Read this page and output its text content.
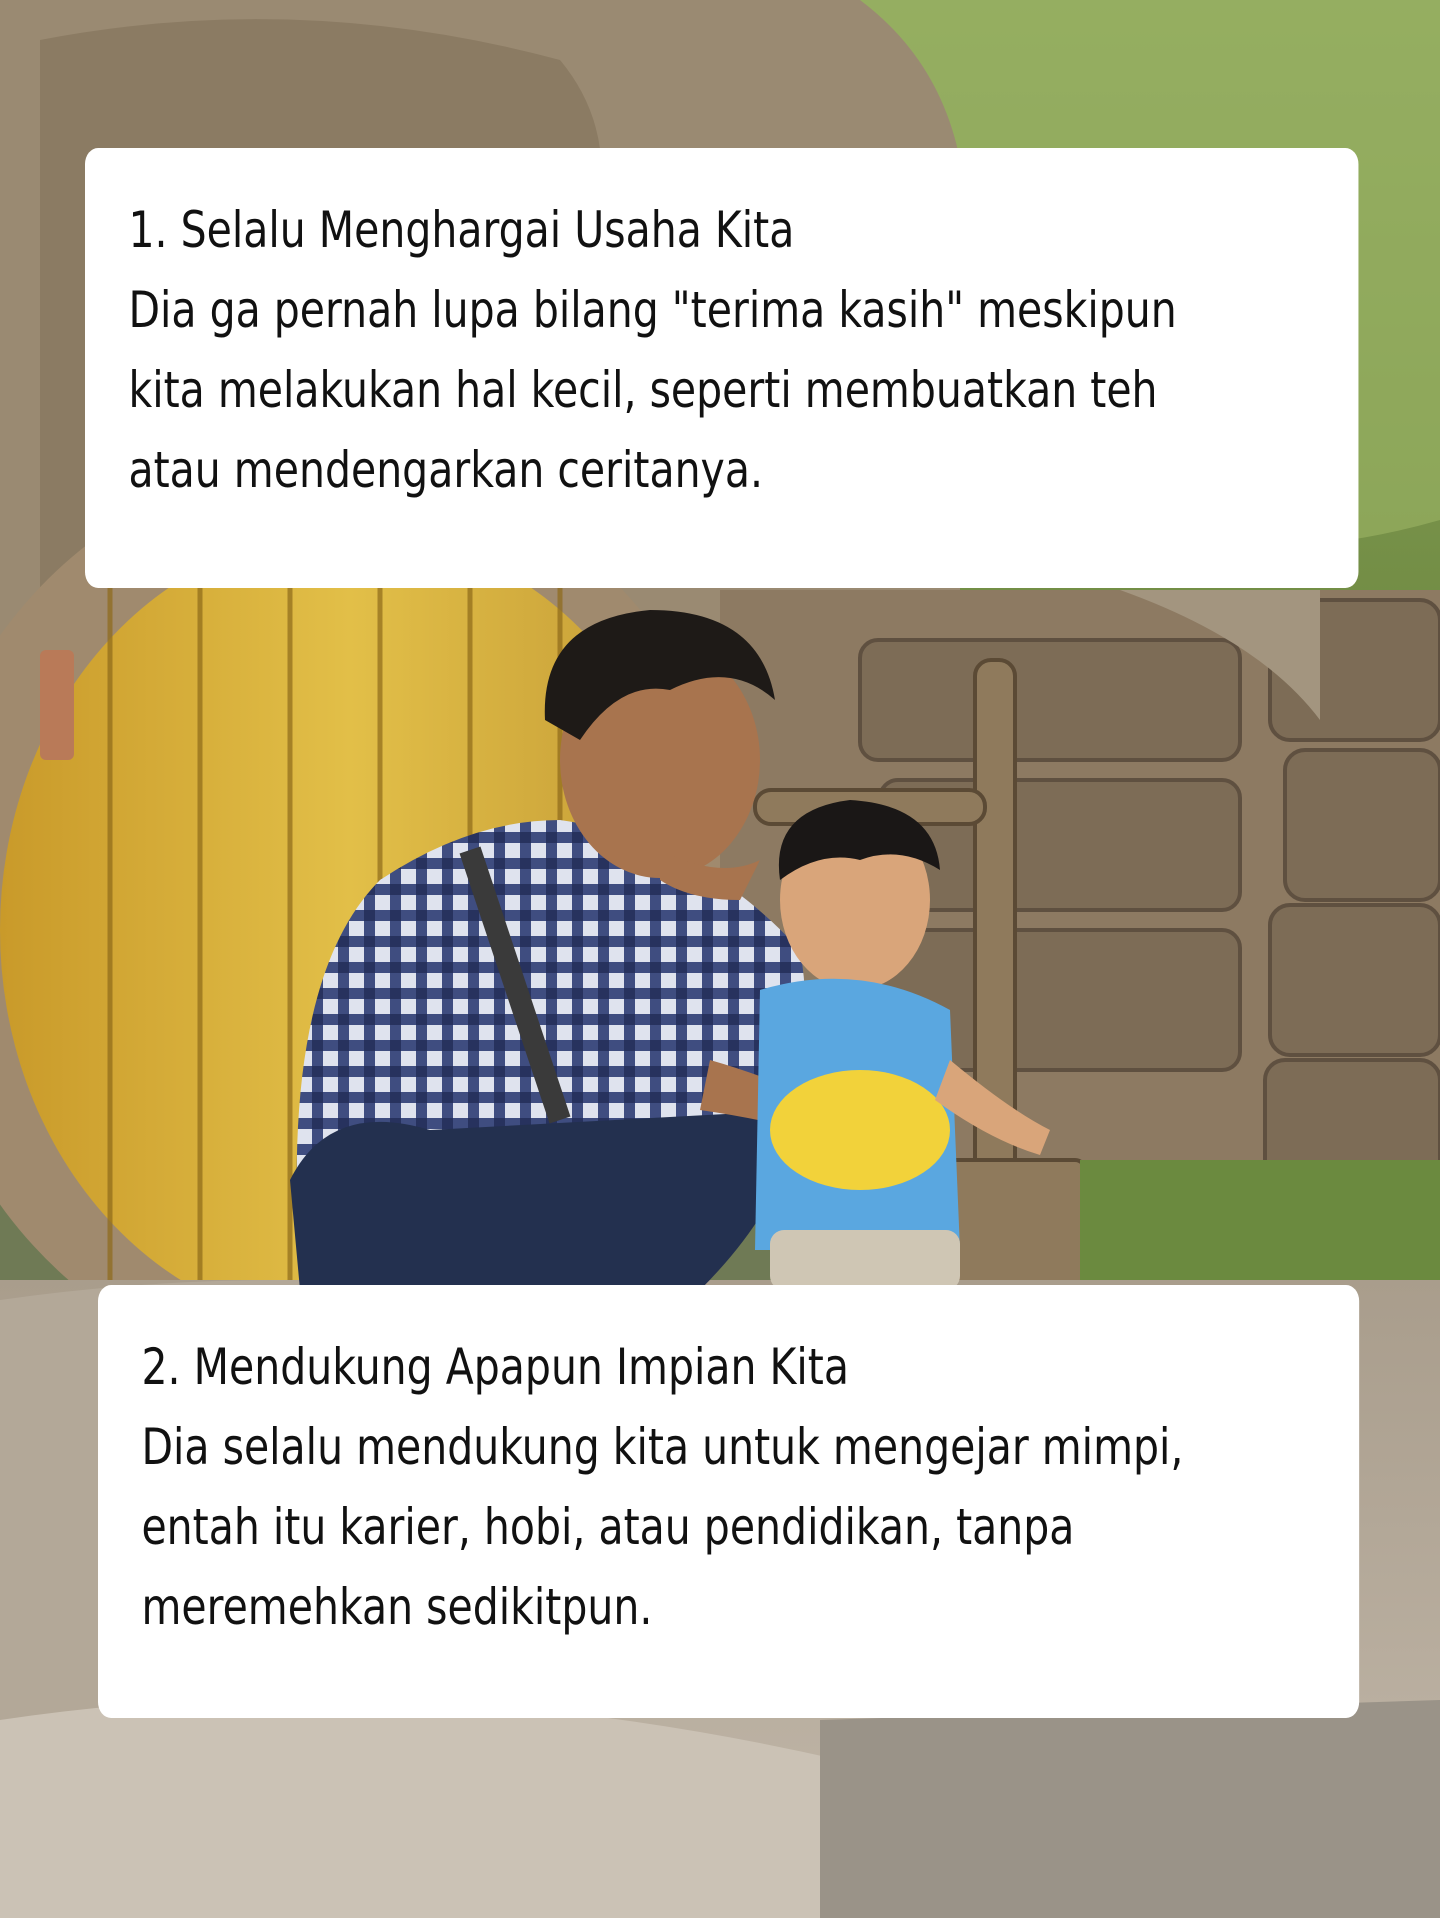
1. Selalu Menghargai Usaha Kita
Dia ga pernah lupa bilang "terima kasih" meskipun
kita melakukan hal kecil, seperti membuatkan teh
atau mendengarkan ceritanya.
2. Mendukung Apapun Impian Kita
Dia selalu mendukung kita untuk mengejar mimpi,
entah itu karier, hobi, atau pendidikan, tanpa
meremehkan sedikitpun.
